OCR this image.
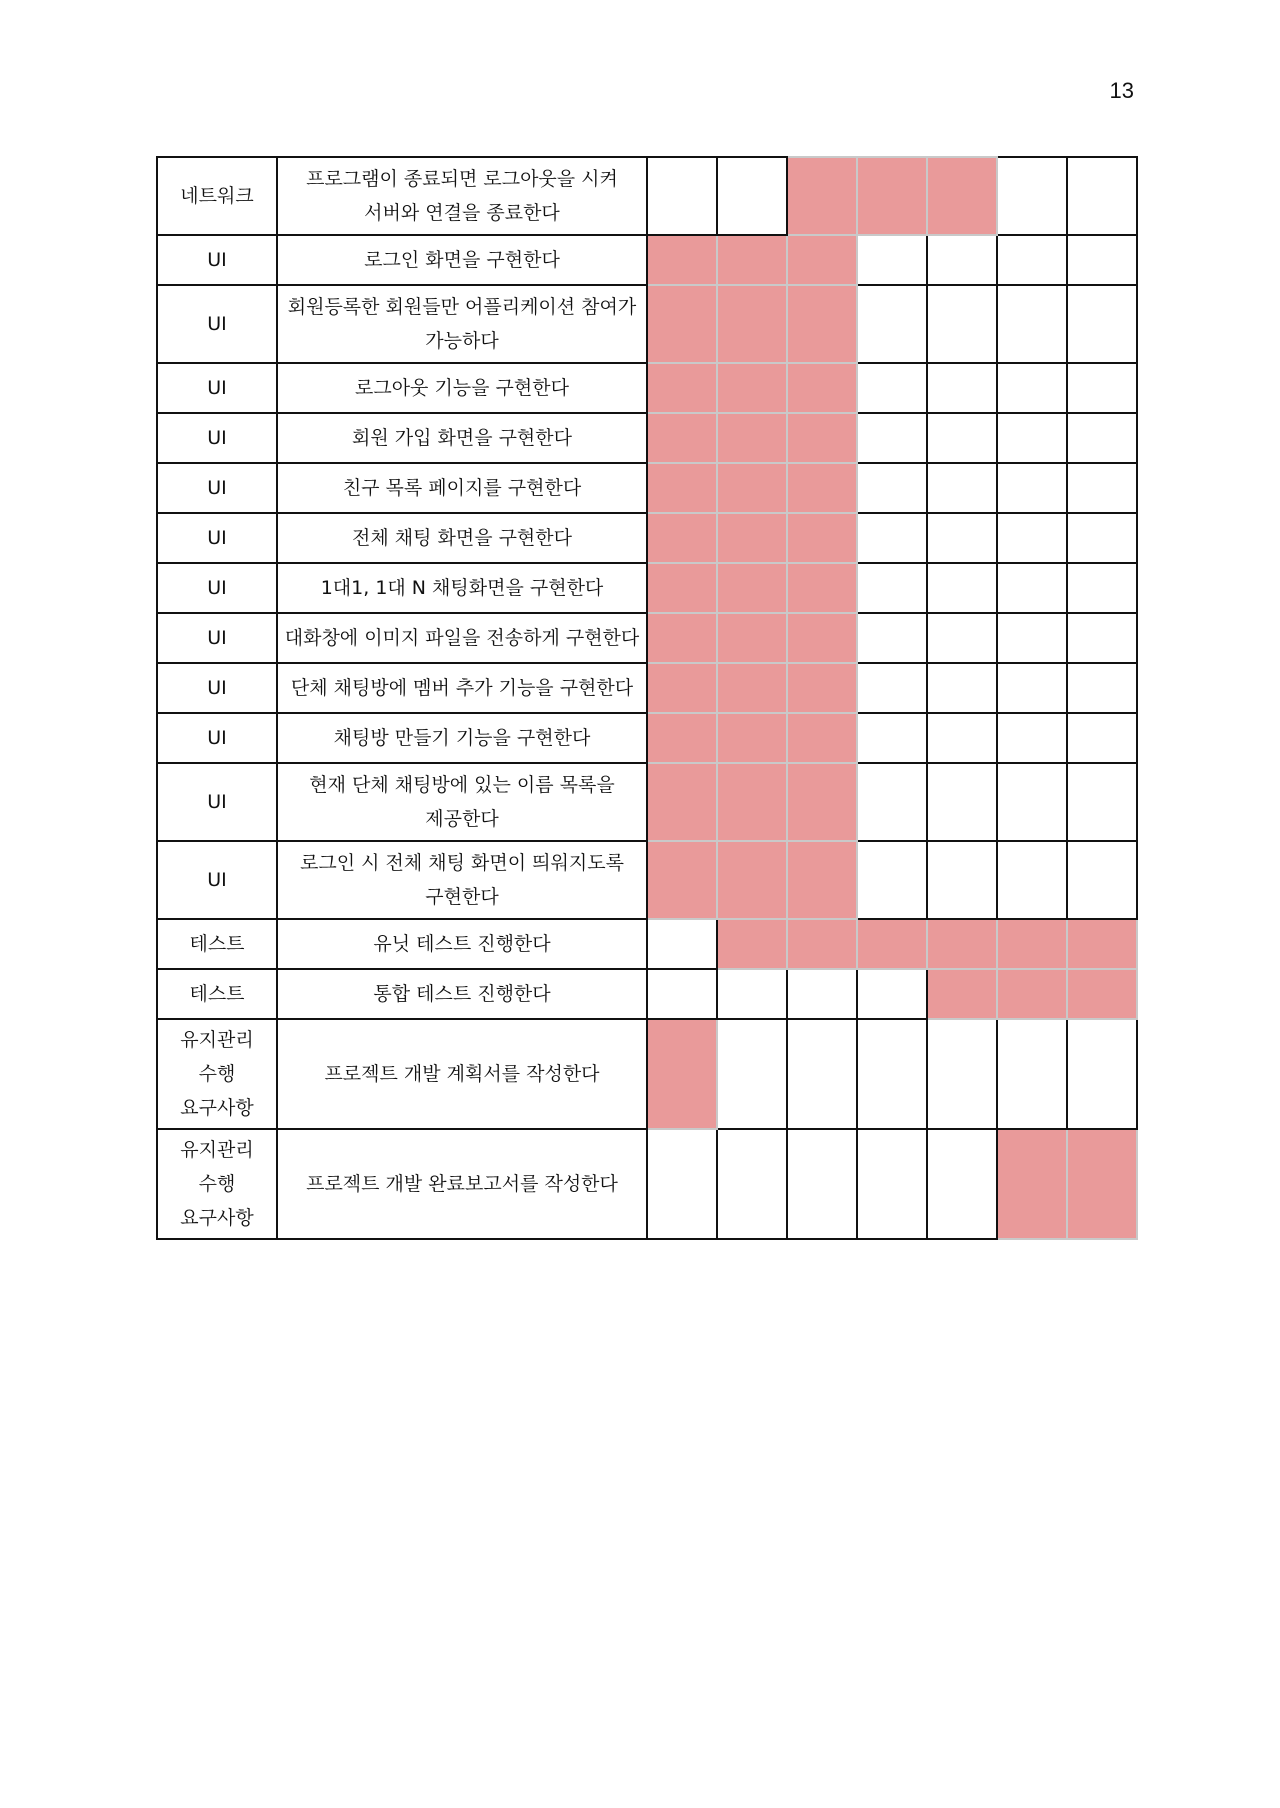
13
네트워크	프로그램이 종료되면 로그아웃을 시켜
서버와 연결을 종료한다							
UI	로그인 화면을 구현한다							
UI	회원등록한 회원들만 어플리케이션 참여가
가능하다							
UI	로그아웃 기능을 구현한다							
UI	회원 가입 화면을 구현한다							
UI	친구 목록 페이지를 구현한다							
UI	전체 채팅 화면을 구현한다							
UI	1대1, 1대 N 채팅화면을 구현한다							
UI	대화창에 이미지 파일을 전송하게 구현한다							
UI	단체 채팅방에 멤버 추가 기능을 구현한다							
UI	채팅방 만들기 기능을 구현한다							
UI	현재 단체 채팅방에 있는 이름 목록을
제공한다							
UI	로그인 시 전체 채팅 화면이 띄워지도록
구현한다							
테스트	유닛 테스트 진행한다							
테스트	통합 테스트 진행한다							
유지관리
수행
요구사항	프로젝트 개발 계획서를 작성한다							
유지관리
수행
요구사항	프로젝트 개발 완료보고서를 작성한다							
